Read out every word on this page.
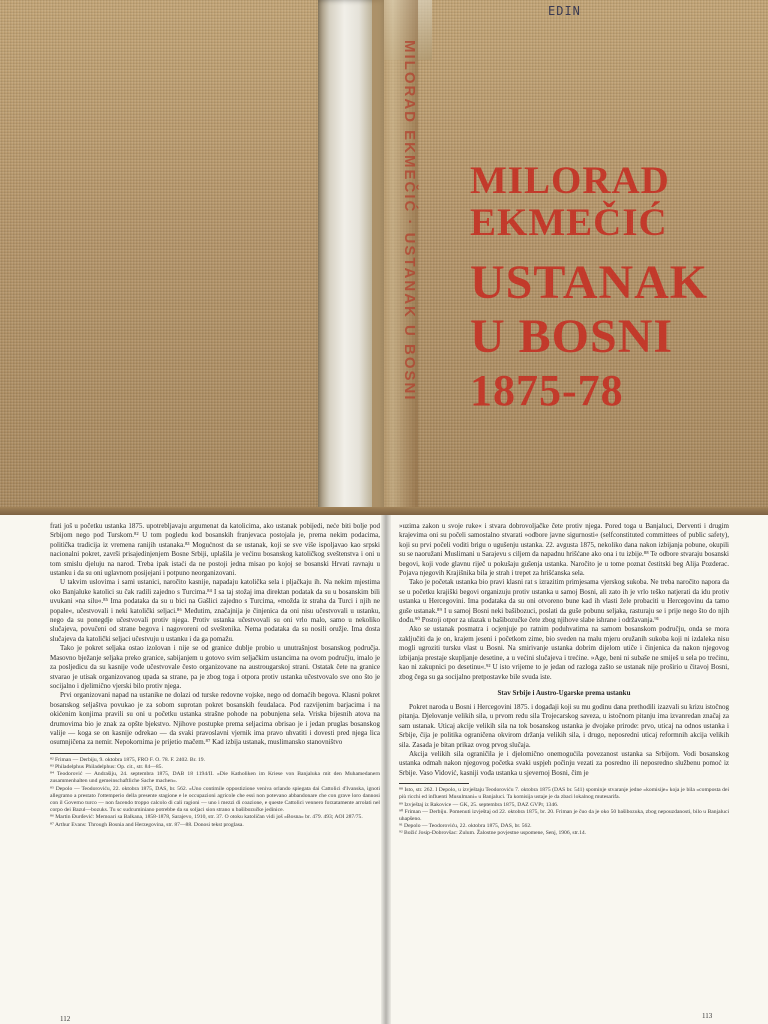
MILORAD EKMEČIĆ · USTANAK U BOSNI
EDIN
MILORAD
EKMEČIĆ
USTANAK
U BOSNI
1875-78

frati još u početku ustanka 1875. upotrebljavaju argumenat da katolicima, ako ustanak pobijedi, neće biti bolje pod Srbijom nego pod Turskom.⁸² U tom pogledu kod bosanskih franjevaca postojala je, prema nekim podacima, politička tradicija iz vremena ranijih ustanaka.⁸³ Mogućnost da se ustanak, koji se sve više ispoljavao kao srpski nacionalni pokret, završi prisajedinjenjem Bosne Srbiji, uplašila je većinu bosanskog katoličkog sveštenstva i oni u tom smislu djeluju na narod. Treba ipak istaći da ne postoji jedna misao po kojoj se bosanski Hrvati ravnaju u ustanku i da su oni uglavnom posijejani i potpuno neorganizovani.

U takvim uslovima i sami ustanici, naročito kasnije, napadaju katolička sela i pljačkaju ih. Na nekim mjestima oko Banjaluke katolici su čak radili zajedno s Turcima.⁸⁴ I sa taj stožaj ima direktan podatak da su u bosanskim bili uvukani »na silu«.⁸⁵ Ima podataka da su u bici na Gašlici zajedno s Turcima, »možda iz straha da Turci i njih ne popale«, učestvovali i neki katolički seljaci.⁸⁶ Međutim, značajnija je činjenica da oni nisu učestvovali u ustanku, nego da su ponegdje učestvovali protiv njega. Protiv ustanka učestvovali su oni vrlo malo, samo u nekoliko slučajeva, povučeni od strane begova i nagovoreni od sveštenika. Nema podataka da su nosili oružje. Ima dosta slučajeva da katolički seljaci učestvuju u ustanku i da ga pomažu.

Tako je pokret seljaka ostao izolovan i nije se od granice dublje probio u unutrašnjost bosanskog područja. Masovno bježanje seljaka preko granice, sabijanjem u gotovo svim seljačkim ustancima na ovom području, imalo je za posljedicu da su kasnije vođe učestvovale često organizovane na austrougarskoj strani. Ostatak čete na granice stvarao je utisak organizovanog upada sa strane, pa je zbog toga i otpora protiv ustanka učestvovalo sve ono što je socijalno i djelimično vjerski bilo protiv njega.

Prvi organizovani napad na ustanike ne dolazi od turske redovne vojske, nego od domaćih begova. Klasni pokret bosanskog seljaštva povukao je za sobom suprotan pokret bosanskih feudalaca. Pod razvijenim barjacima i na okićenim konjima pravili su oni u početku ustanka strašne pohode na pobunjena sela. Vriska bijesnih atova na drumovima bio je znak za opšte bjekstvo. Njihove postupke prema seljacima obrisao je i jedan pruglas bosanskog valije — koga se on kasnije odrekao — da svaki pravoslavni vjernik ima pravo uhvatiti i dovesti pred njega lica osumnjičena za nemir. Nepokornima je prijetio mačem.⁸⁷ Kad izbija ustanak, muslimansko stanovništvo

⁸² Friman — Derbiju, 9. oktobra 1875, FRO F. O. 78. F. 2402. Br. 19.

⁸³ Philadelphus Philadelphus: Op. cit., str. 84—85.

⁸⁴ Teodorović — Andrašiju, 24. septembra 1875, DAB 18 1194/II. »Die Katholiken im Kriese von Banjaluka mit den Muhamedanern zusammenhalten und gemeinschaftliche Sache machen«.

⁸⁵ Depolo — Teodoroviću, 22. oktobra 1875, DAS, br. 562. »Uno contimile oppostizione veniva orlando spiegata dai Cattolici d'Ivanska, ignoti allegramo a prestato l'ottemperio della presente stagione e le occupazioni agricole che essi non potevano abbandonare che con grave loro dannosi con il Governo turco — non facendo troppo calcolo di cali ragioni — uno i mezzi di coazione, e queste Cattolici vennero forzatamente arrolati nel corpo dei Bazul—bozuks. Tu sc sudcuminiano potrebbe da su soljaci sion strano u bašibozučke jedinice.

⁸⁶ Martin Đurđević: Memoari sa Balkana, 1858-1878, Sarajevo, 1910, str. 37. O otoku katoličan vidi još »Bosna« br. 479. 493; AOI 287/75.

⁸⁷ Arthur Evans: Through Bosnia and Herzegovina, str. 87—88. Donosi tekst proglasa.

112

»uzima zakon u svoje ruke« i stvara dobrovoljačke čete protiv njega. Pored toga u Banjaluci, Derventi i drugim krajevima oni su počeli samostalno stvarati »odbore javne sigurnosti« (selfconstituted committees of public safety), koji su prvi počeli voditi brigu o ugušenju ustanka. 22. avgusta 1875, nekoliko dana nakon izbijanja pobune, okupili su se naoružani Muslimani u Sarajevu s ciljem da napadnu hrišćane ako ona i tu izbije.⁸⁸ Te odbore stvaraju bosanski begovi, koji vode glavnu riječ u pokušaju gušenja ustanka. Naročito je u tome poznat čestitski beg Alija Pozderac. Pojava njegovih Krajišnika bila je strah i trepet za hrišćanska sela.

Tako je početak ustanka bio pravi klasni rat s izrazitim primjesama vjerskog sukoba. Ne treba naročito napora da se u početku krajiški begovi organizuju protiv ustanka u samoj Bosni, ali zato ih je vrlo teško natjerati da idu protiv ustanka u Hercegovini. Ima podataka da su oni otvoreno bune kad ih vlasti žele probaciti u Hercegovinu da tamo guše ustanak.⁸⁹ I u samoj Bosni neki bašibozuci, poslati da guše pobunu seljaka, rasturaju se i prije nego što do njih dođu.⁹⁰ Postoji otpor za ulazak u bašibozučke čete zbog njihove slabe ishrane i održavanja.⁹¹

Ako se ustanak posmatra i ocjenjuje po ratnim poduhvatima na samom bosanskom području, onda se mora zaključiti da je on, krajem jeseni i početkom zime, bio sveden na malu mjeru oružanih sukoba koji ni izdaleka nisu mogli ugroziti tursku vlast u Bosni. Na smirivanje ustanka dobrim dijelom utiče i činjenica da nakon njegovog izbijanja prestaje skupljanje desetine, a u većini slučajeva i trećine. »Age, beni ni subaše ne smiješ u sela po trećinu, kao ni zakupnici po desetinu«.⁹² U isto vrijeme to je jedan od razloga zašto se ustanak nije proširio u čitavoj Bosni, zbog čega su ga socijalno pretpostavke bile svuda iste.

Stav Srbije i Austro-Ugarske prema ustanku

Pokret naroda u Bosni i Hercegovini 1875. i događaji koji su mu godinu dana prethodili izazvali su krizu istočnog pitanja. Djelovanje velikih sila, u prvom redu sila Trojecarskog saveza, u istočnom pitanju ima izvanredan značaj za sam ustanak. Uticaj akcije velikih sila na tok bosanskog ustanka je dvojake prirode: prvo, uticaj na odnos ustanka i Srbije, čija je politika ograničena okvirom držanja velikih sila, i drugo, neposredni uticaj reformnih akcija velikih sila. Zasada je bitan prikaz ovog prvog slučaja.

Akcija velikih sila ograničila je i djelomično onemogućila povezanost ustanka sa Srbijom. Vodi bosanskog ustanka odmah nakon njegovog početka svaki uspjeh počinju vezati za posredno ili neposredno službenu pomoć iz Srbije. Vaso Vidović, kasniji vođa ustanka u sjevernoj Bosni, čim je

⁸⁸ Isto, str. 262. I Depolo, u izvještaju Teodoroviću 7. oktobra 1875 (DAS br. 541) spominje stvaranje jedne »komisije« koja je bila »composta dei più ricchi ed influenti Musulmani« u Banjaluci. Ta komisija ustaje je da zbaci lokalnog mutesarifa.

⁸⁹ Izvještaj iz Rakovice — GK, 25. septembra 1875, DAZ GVPr, 1346.

⁹⁰ Friman — Derbiju. Pomenuti izvještaj od 22. oktobra 1875, br. 20. Friman je čuo da je oko 50 bašibozuka, zbog nepouzdanosti, bilo u Banjaluci uhapšeno.

⁹¹ Depolo — Teodoroviću, 22. oktobra 1875, DAS, br. 562.

⁹² Božić Josip-Dobrovšac: Zulum. Žalostne povjestne uspomene, Senj, 1906, str.14.

113
